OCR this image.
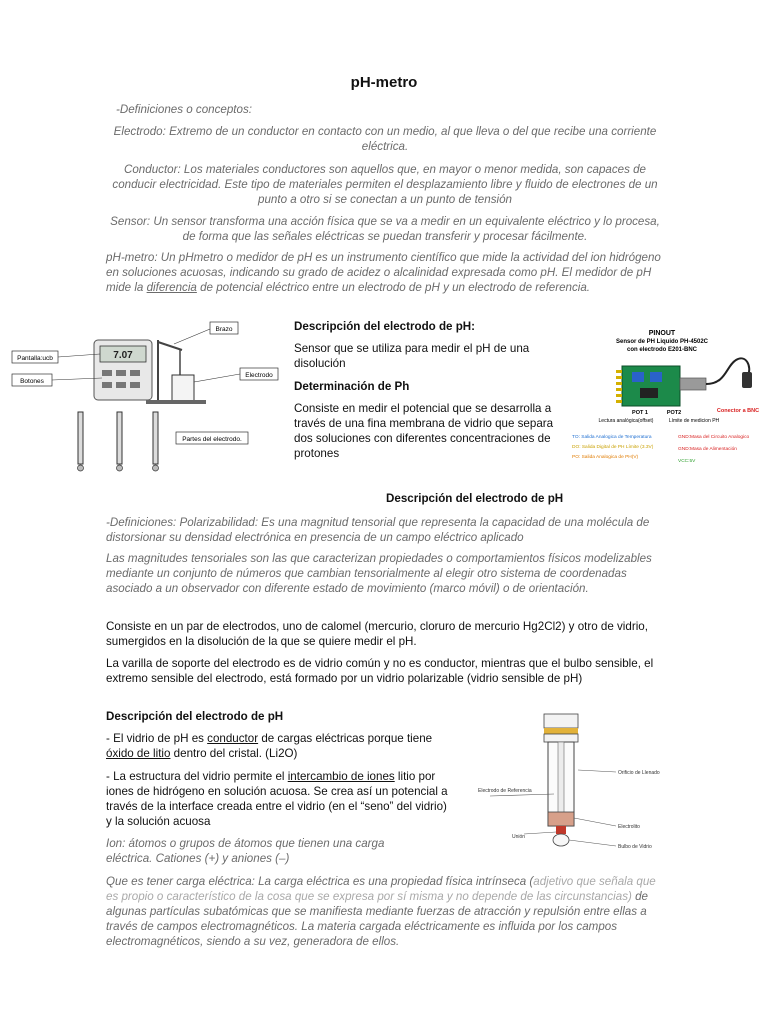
pH-metro
-Definiciones o conceptos:
Electrodo: Extremo de un conductor en contacto con un medio, al que lleva o del que recibe una corriente eléctrica.
Conductor: Los materiales conductores son aquellos que, en mayor o menor medida, son capaces de conducir electricidad. Este tipo de materiales permiten el desplazamiento libre y fluido de electrones de un punto a otro si se conectan a un punto de tensión
Sensor: Un sensor transforma una acción física que se va a medir en un equivalente eléctrico y lo procesa, de forma que las señales eléctricas se puedan transferir y procesar fácilmente.
pH-metro: Un pHmetro o medidor de pH es un instrumento científico que mide la actividad del ion hidrógeno en soluciones acuosas, indicando su grado de acidez o alcalinidad expresada como pH. El medidor de pH mide la diferencia de potencial eléctrico entre un electrodo de pH y un electrodo de referencia.
7.07
Brazo
Pantalla:ucb
Botones
Electrodo
Partes del electrodo.
Descripción del electrodo de pH:
Sensor que se utiliza para medir el pH de una disolución
Determinación de Ph
Consiste en medir el potencial que se desarrolla a través de una fina membrana de vidrio que separa dos soluciones con diferentes concentraciones de protones
PINOUT
Sensor de PH Liquido PH-4502C
con electrodo E201-BNC
Conector a BNC
POT 1	POT2
Lectura analógica(offset)	Límite de medicion PH
TO: Salida Analogica de Temperatura
DO: Salida Digital de PH Límite (3.3V)
PO: Salida Analogica de PH(V)
GND:Masa del Circuito Analogico
GND:Masa de Alimentación
VCC:5V
Descripción del electrodo de pH
-Definiciones: Polarizabilidad: Es una magnitud tensorial que representa la capacidad de una molécula de distorsionar su densidad electrónica en presencia de un campo eléctrico aplicado
Las magnitudes tensoriales son las que caracterizan propiedades o comportamientos físicos modelizables mediante un conjunto de números que cambian tensorialmente al elegir otro sistema de coordenadas asociado a un observador con diferente estado de movimiento (marco móvil) o de orientación.
Consiste en un par de electrodos, uno de calomel (mercurio, cloruro de mercurio Hg2Cl2) y otro de vidrio, sumergidos en la disolución de la que se quiere medir el pH.
La varilla de soporte del electrodo es de vidrio común y no es conductor, mientras que el bulbo sensible, el extremo sensible del electrodo, está formado por un vidrio polarizable (vidrio sensible de pH)
Descripción del electrodo de pH
- El vidrio de pH es conductor de cargas eléctricas porque tiene óxido de litio dentro del cristal. (Li2O)
- La estructura del vidrio permite el intercambio de iones litio por iones de hidrógeno en solución acuosa. Se crea así un potencial a través de la interface creada entre el vidrio (en el “seno” del vidrio) y la solución acuosa
Ion: átomos o grupos de átomos que tienen una carga eléctrica. Cationes (+) y aniones (–)
Orificio de Llenado
Electrodo de Referencia
Electrolito
Unión
Bulbo de Vidrio
Que es tener carga eléctrica: La carga eléctrica es una propiedad física intrínseca (adjetivo que señala que es propio o característico de la cosa que se expresa por sí misma y no depende de las circunstancias) de algunas partículas subatómicas que se manifiesta mediante fuerzas de atracción y repulsión entre ellas a través de campos electromagnéticos. La materia cargada eléctricamente es influida por los campos electromagnéticos, siendo a su vez, generadora de ellos.
